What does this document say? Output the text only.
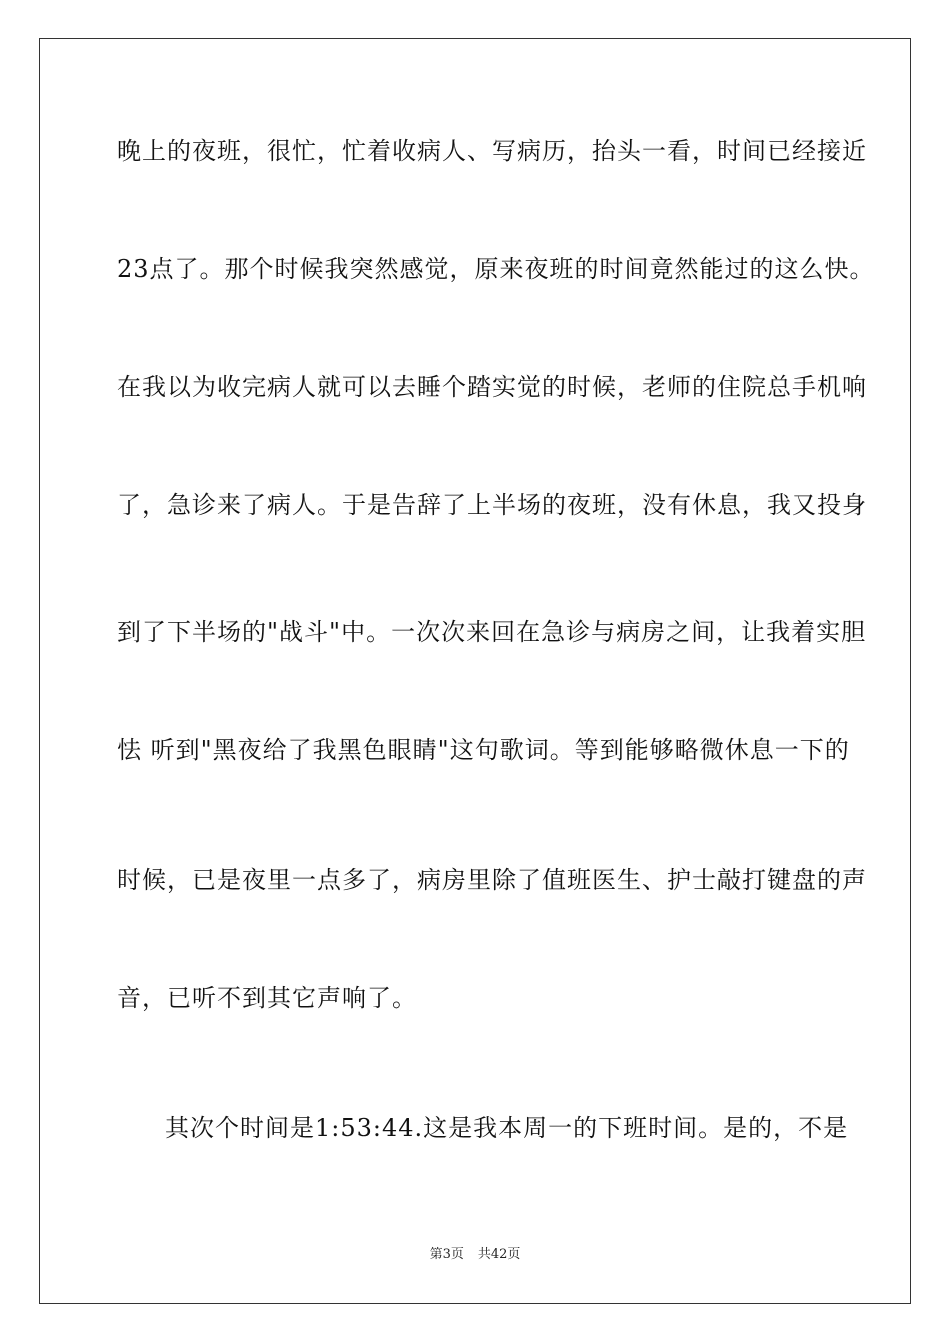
晚上的夜班，很忙，忙着收病人、写病历，抬头一看，时间已经接近
23点了。那个时候我突然感觉，原来夜班的时间竟然能过的这么快。
在我以为收完病人就可以去睡个踏实觉的时候，老师的住院总手机响
了，急诊来了病人。于是告辞了上半场的夜班，没有休息，我又投身
到了下半场的"战斗"中。一次次来回在急诊与病房之间，让我着实胆
怯 听到"黑夜给了我黑色眼睛"这句歌词。等到能够略微休息一下的
时候，已是夜里一点多了，病房里除了值班医生、护士敲打键盘的声
音，已听不到其它声响了。
其次个时间是1:53:44.这是我本周一的下班时间。是的，不是
第3页 共42页
